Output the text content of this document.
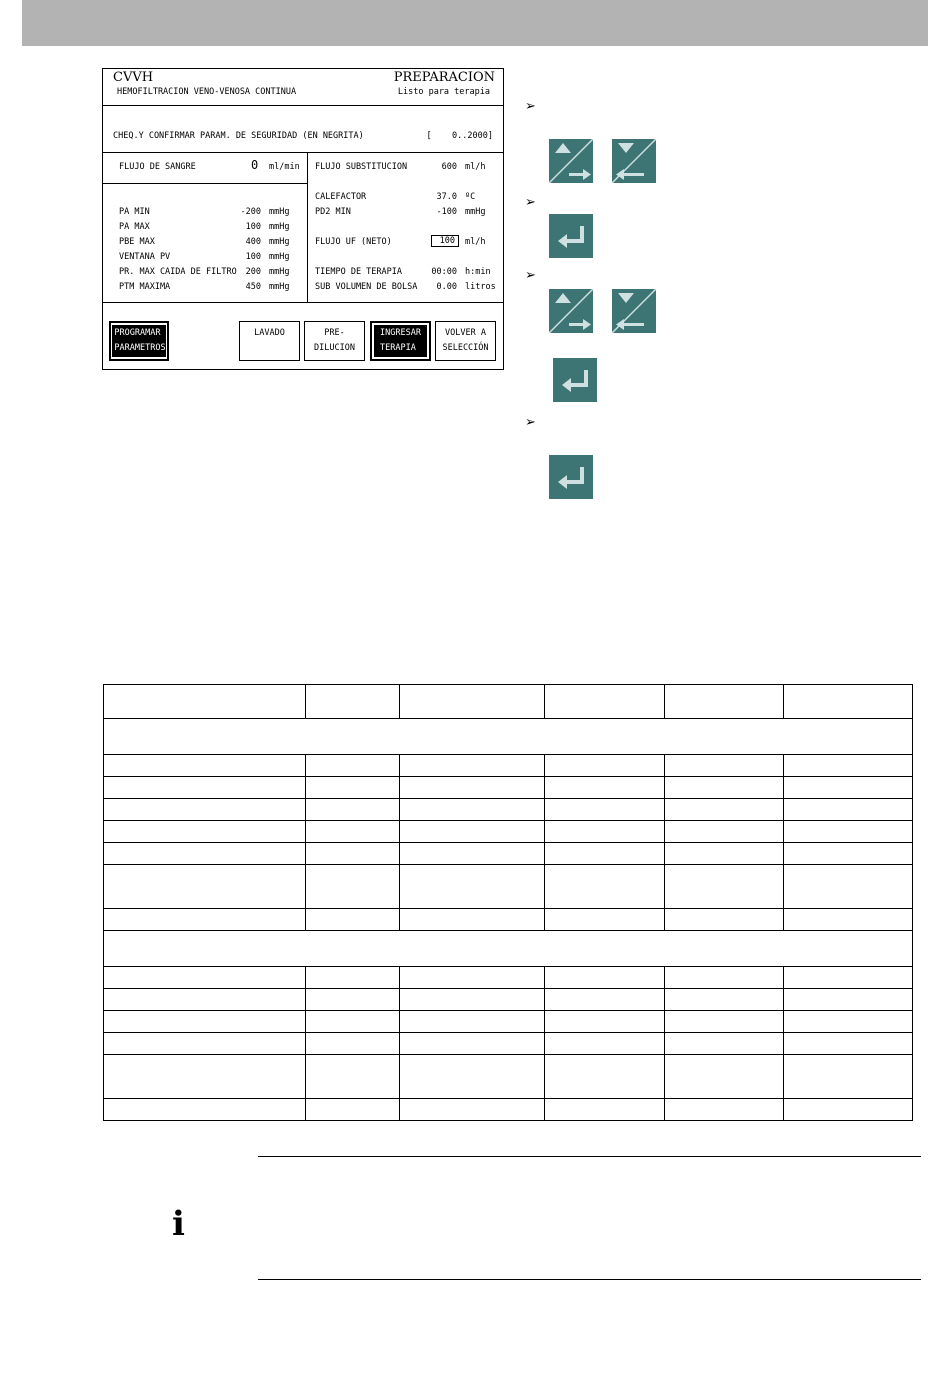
CVVH
HEMOFILTRACION VENO-VENOSA CONTINUA
PREPARACION
Listo para terapia
CHEQ.Y CONFIRMAR PARAM. DE SEGURIDAD (EN NEGRITA)	[    0..2000]
FLUJO DE SANGRE	0 ml/min
PA MIN	-200 mmHg
PA MAX	100 mmHg
PBE MAX	400 mmHg
VENTANA PV	100 mmHg
PR. MAX CAIDA DE FILTRO	200 mmHg
PTM MAXIMA	450 mmHg
FLUJO SUBSTITUCION	600 ml/h
CALEFACTOR	37.0 ºC
PD2 MIN	-100 mmHg
FLUJO UF (NETO)	100	ml/h
TIEMPO DE TERAPIA	00:00 h:min
SUB VOLUMEN DE BOLSA	0.00 litros
PROGRAMAR
PARAMETROS
LAVADO	PRE-
DILUCION
INGRESAR
TERAPIA
VOLVER A
SELECCIÓN
➢
➢
➢
➢

i
